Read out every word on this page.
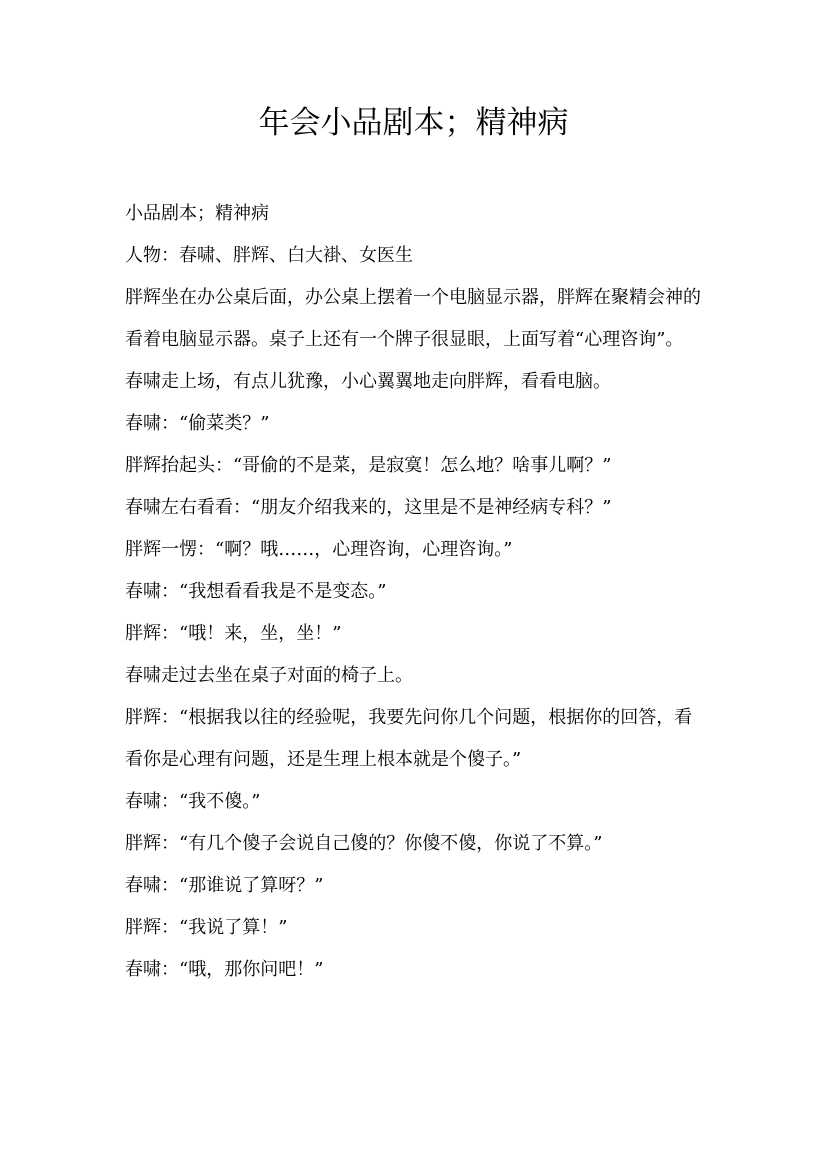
年会小品剧本；精神病

小品剧本；精神病

人物：春啸、胖辉、白大褂、女医生

胖辉坐在办公桌后面，办公桌上摆着一个电脑显示器，胖辉在聚精会神的看着电脑显示器。桌子上还有一个牌子很显眼，上面写着“心理咨询”。

春啸走上场，有点儿犹豫，小心翼翼地走向胖辉，看看电脑。

春啸：“偷菜类？”

胖辉抬起头：“哥偷的不是菜，是寂寞！怎么地？啥事儿啊？”

春啸左右看看：“朋友介绍我来的，这里是不是神经病专科？”

胖辉一愣：“啊？哦……，心理咨询，心理咨询。”

春啸：“我想看看我是不是变态。”

胖辉：“哦！来，坐，坐！”

春啸走过去坐在桌子对面的椅子上。

胖辉：“根据我以往的经验呢，我要先问你几个问题，根据你的回答，看看你是心理有问题，还是生理上根本就是个傻子。”

春啸：“我不傻。”

胖辉：“有几个傻子会说自己傻的？你傻不傻，你说了不算。”

春啸：“那谁说了算呀？”

胖辉：“我说了算！”

春啸：“哦，那你问吧！”
